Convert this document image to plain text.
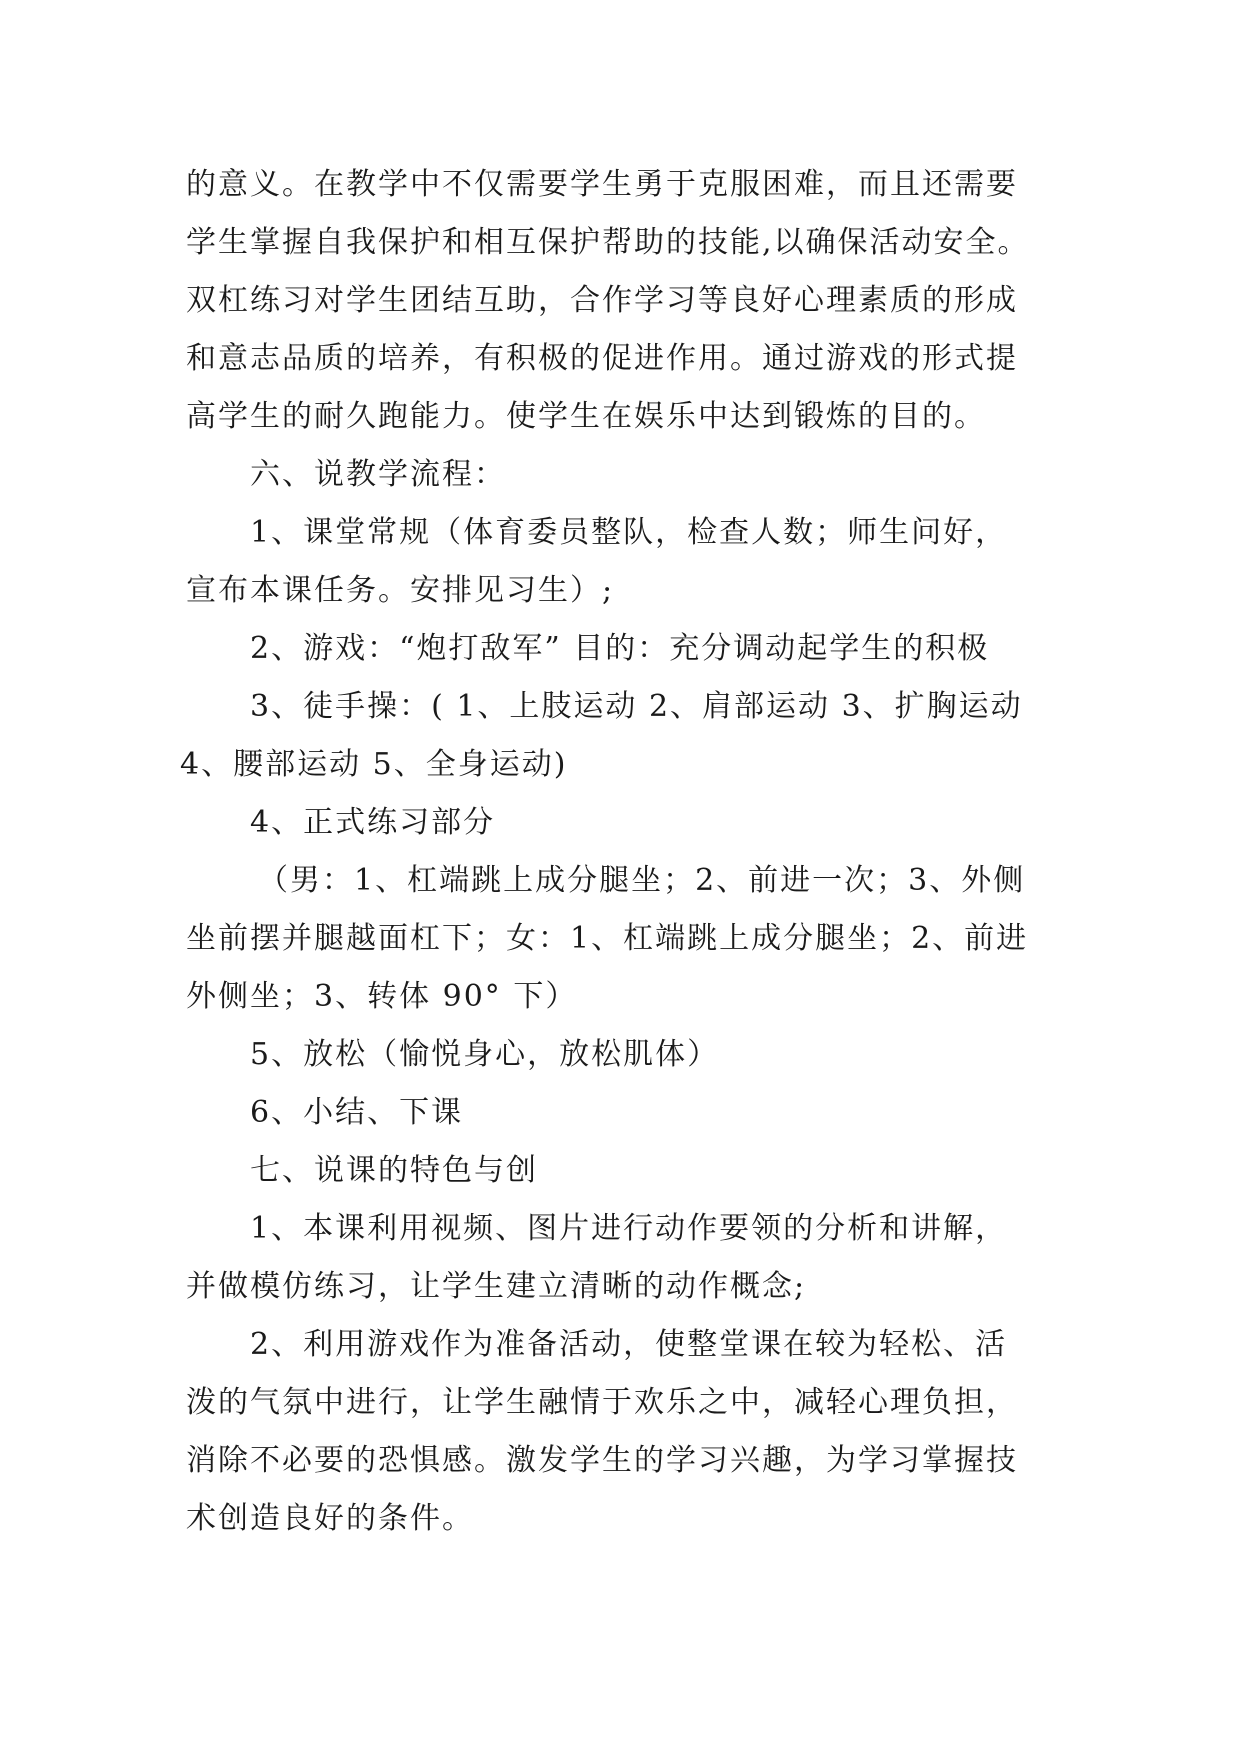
的意义。在教学中不仅需要学生勇于克服困难，而且还需要
学生掌握自我保护和相互保护帮助的技能,以确保活动安全。
双杠练习对学生团结互助，合作学习等良好心理素质的形成
和意志品质的培养，有积极的促进作用。通过游戏的形式提
高学生的耐久跑能力。使学生在娱乐中达到锻炼的目的。
六、说教学流程：
1、课堂常规（体育委员整队，检查人数；师生问好，
宣布本课任务。安排见习生）;
2、游戏：“炮打敌军” 目的：充分调动起学生的积极
3、徒手操：( 1、上肢运动 2、肩部运动 3、扩胸运动
4、腰部运动 5、全身运动)
4、正式练习部分
（男：1、杠端跳上成分腿坐；2、前进一次；3、外侧
坐前摆并腿越面杠下；女：1、杠端跳上成分腿坐；2、前进
外侧坐；3、转体 90° 下）
5、放松（愉悦身心，放松肌体）
6、小结、下课
七、说课的特色与创
1、本课利用视频、图片进行动作要领的分析和讲解，
并做模仿练习，让学生建立清晰的动作概念;
2、利用游戏作为准备活动，使整堂课在较为轻松、活
泼的气氛中进行，让学生融情于欢乐之中，减轻心理负担，
消除不必要的恐惧感。激发学生的学习兴趣，为学习掌握技
术创造良好的条件。
